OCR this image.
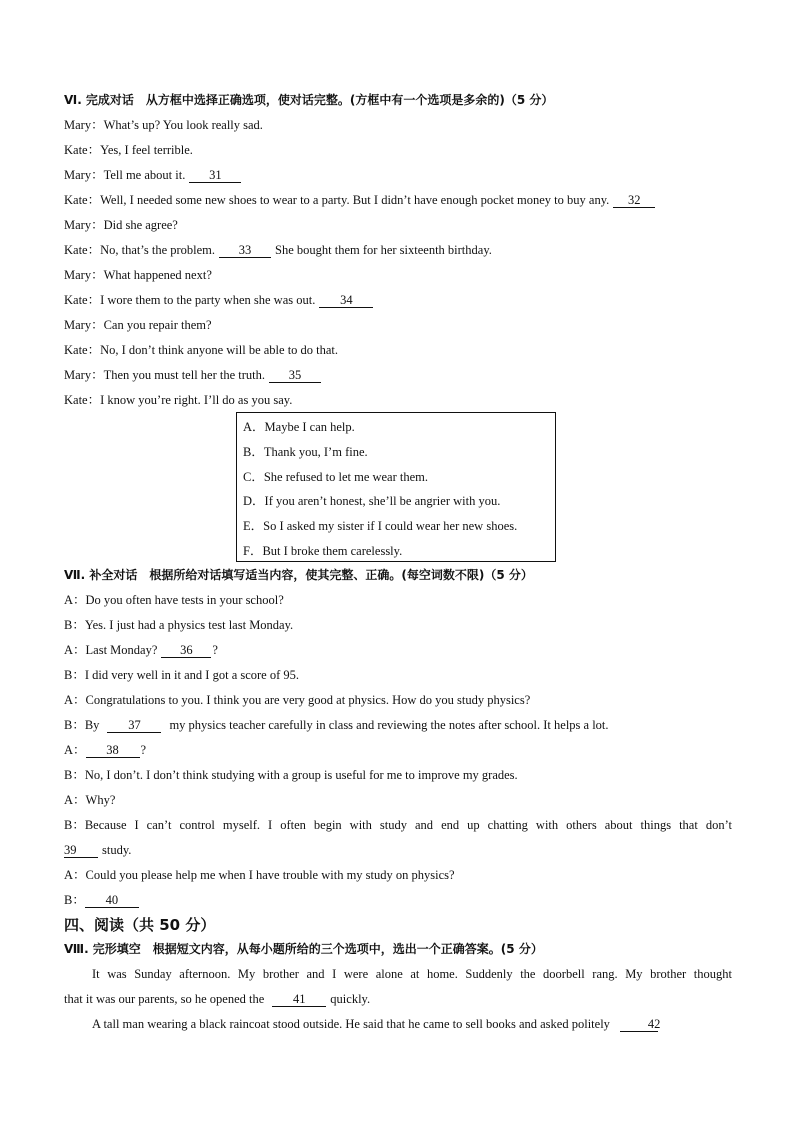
Ⅵ. 完成对话　从方框中选择正确选项，使对话完整。(方框中有一个选项是多余的)（5 分）
Mary：What’s up? You look really sad.
Kate：Yes, I feel terrible.
Mary：Tell me about it. 31
Kate：Well, I needed some new shoes to wear to a party. But I didn’t have enough pocket money to buy any. 32
Mary：Did she agree?
Kate：No, that’s the problem. 33 She bought them for her sixteenth birthday.
Mary：What happened next?
Kate：I wore them to the party when she was out. 34
Mary：Can you repair them?
Kate：No, I don’t think anyone will be able to do that.
Mary：Then you must tell her the truth. 35
Kate：I know you’re right. I’ll do as you say.
A．Maybe I can help.
B．Thank you, I’m fine.
C．She refused to let me wear them.
D．If you aren’t honest, she’ll be angrier with you.
E．So I asked my sister if I could wear her new shoes.
F．But I broke them carelessly.
Ⅶ. 补全对话　根据所给对话填写适当内容，使其完整、正确。(每空词数不限)（5 分）
A：Do you often have tests in your school?
B：Yes. I just had a physics test last Monday.
A：Last Monday? 36 ?
B：I did very well in it and I got a score of 95.
A：Congratulations to you. I think you are very good at physics. How do you study physics?
B：By 37 my physics teacher carefully in class and reviewing the notes after school. It helps a lot.
A： 38 ?
B：No, I don’t. I don’t think studying with a group is useful for me to improve my grades.
A：Why?
B：Because I can’t control myself. I often begin with study and end up chatting with others about things that don’t
39 study.
A：Could you please help me when I have trouble with my study on physics?
B： 40
四、阅读（共 50 分）
Ⅷ. 完形填空　根据短文内容，从每小题所给的三个选项中，选出一个正确答案。(5 分）
It was Sunday afternoon. My brother and I were alone at home. Suddenly the doorbell rang. My brother thought
that it was our parents, so he opened the 41 quickly.
A tall man wearing a black raincoat stood outside. He said that he came to sell books and asked politely	42
